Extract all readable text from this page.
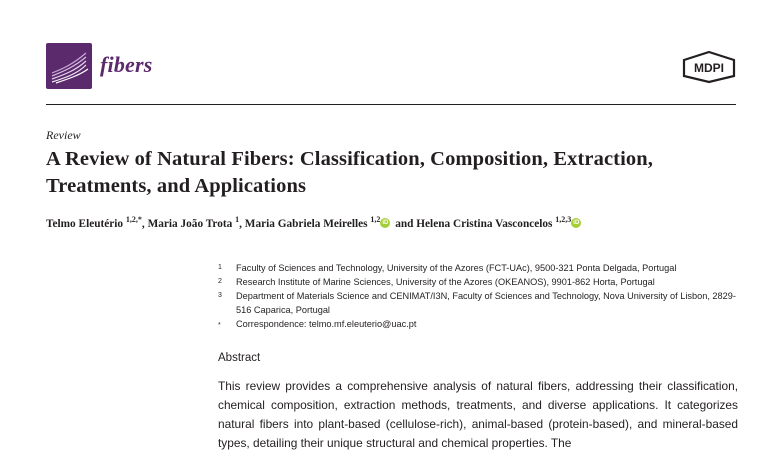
fibers	MDPI
Review
A Review of Natural Fibers: Classification, Composition, Extraction, Treatments, and Applications
Telmo Eleutério $^{1,2,*}$, Maria João Trota $^1$, Maria Gabriela Meirelles $^{1,2}$ iD and Helena Cristina Vasconcelos $^{1,2,3}$ iD
1 Faculty of Sciences and Technology, University of the Azores (FCT-UAc), 9500-321 Ponta Delgada, Portugal
2 Research Institute of Marine Sciences, University of the Azores (OKEANOS), 9901-862 Horta, Portugal
3 Department of Materials Science and CENIMAT/I3N, Faculty of Sciences and Technology, Nova University of Lisbon, 2829-516 Caparica, Portugal
* Correspondence: telmo.mf.eleuterio@uac.pt
Abstract

This review provides a comprehensive analysis of natural fibers, addressing their classification, chemical composition, extraction methods, treatments, and diverse applications. It categorizes natural fibers into plant-based (cellulose-rich), animal-based (protein-based), and mineral-based types, detailing their unique structural and chemical properties. The
